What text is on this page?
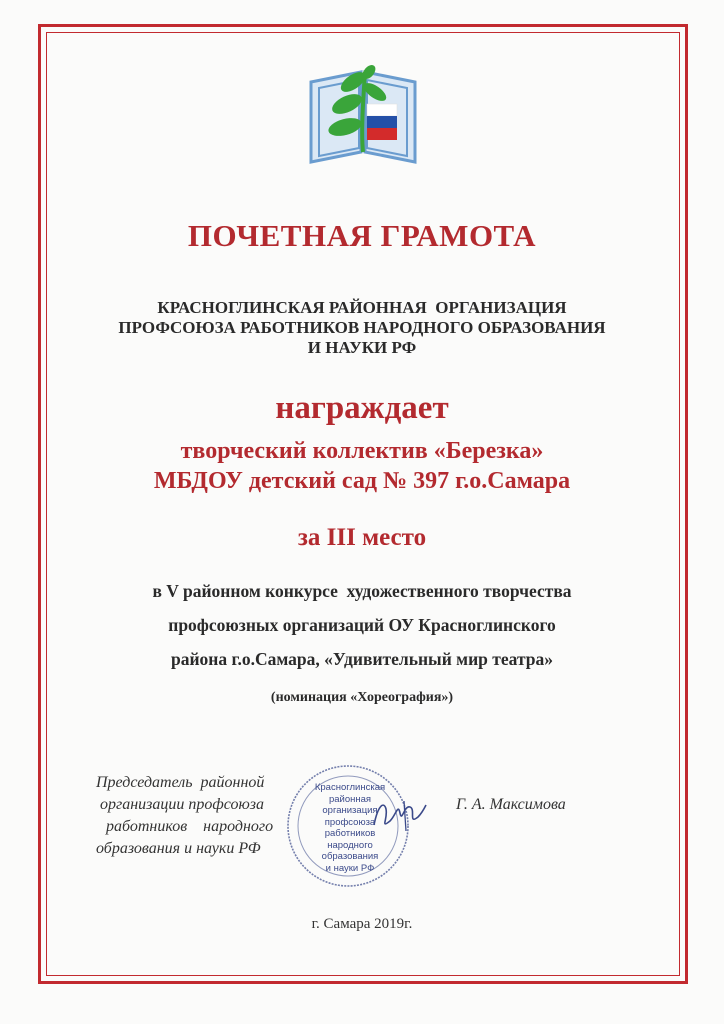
ПОЧЕТНАЯ ГРАМОТА
КРАСНОГЛИНСКАЯ РАЙОННАЯ  ОРГАНИЗАЦИЯ
ПРОФСОЮЗА РАБОТНИКОВ НАРОДНОГО ОБРАЗОВАНИЯ
И НАУКИ РФ
награждает
творческий коллектив «Березка»
МБДОУ детский сад № 397 г.о.Самара
за III место
в V районном конкурсе  художественного творчества
профсоюзных организаций ОУ Красноглинского
района г.о.Самара, «Удивительный мир театра»
(номинация «Хореография»)
Председатель  районной
организации профсоюза
работников    народного
образования и науки РФ
Красноглинская
районная
организация
профсоюза
работников
народного
образования
и науки РФ
Г. А. Максимова
г. Самара 2019г.
